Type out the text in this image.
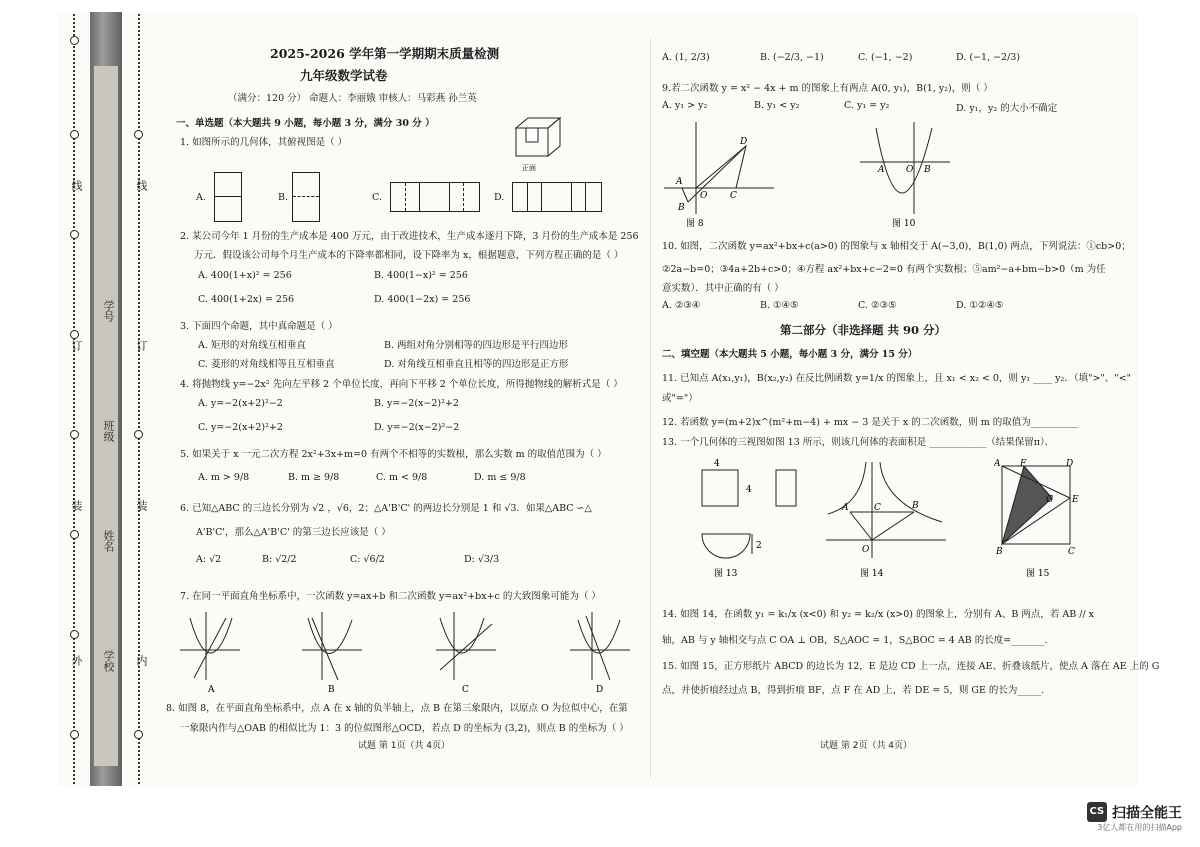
线
订
装
外
线
订
装
内
学号
班级
姓名
学校

2025-2026 学年第一学期期末质量检测

九年级数学试卷

（满分：120 分） 命题人：李丽娥 审核人：马彩燕 孙兰英

一、单选题（本大题共 9 小题，每小题 3 分，满分 30 分 ）

1. 如图所示的几何体，其俯视图是（ ）

正面

A.	B.	C.	D.

2. 某公司今年 1 月份的生产成本是 400 万元，由于改进技术，生产成本逐月下降，3 月份的生产成本是 256

万元．假设该公司每个月生产成本的下降率都相同，设下降率为 x，根据题意，下列方程正确的是（ ）

A. 400(1+x)² = 256	B. 400(1−x)² = 256

C. 400(1+2x) = 256	D. 400(1−2x) = 256

3. 下面四个命题，其中真命题是（ ）

A. 矩形的对角线互相垂直	B. 两组对角分别相等的四边形是平行四边形

C. 菱形的对角线相等且互相垂直	D. 对角线互相垂直且相等的四边形是正方形

4. 将抛物线 y=−2x² 先向左平移 2 个单位长度，再向下平移 2 个单位长度，所得抛物线的解析式是（ ）

A. y=−2(x+2)²−2	B. y=−2(x−2)²+2

C. y=−2(x+2)²+2	D. y=−2(x−2)²−2

5. 如果关于 x 一元二次方程 2x²+3x+m=0 有两个不相等的实数根，那么实数 m 的取值范围为（ ）

A. m > 9/8	B. m ≥ 9/8	C. m < 9/8	D. m ≤ 9/8

6. 已知△ABC 的三边长分别为 √2 ，√6，2；△A'B'C' 的两边长分别是 1 和 √3．如果△ABC ∽△

A'B'C'，那么△A'B'C' 的第三边长应该是（ ）

A: √2	B: √2/2	C: √6/2	D: √3/3

7. 在同一平面直角坐标系中，一次函数 y=ax+b 和二次函数 y=ax²+bx+c 的大致图象可能为（ ）

A	B	C	D

8. 如图 8，在平面直角坐标系中，点 A 在 x 轴的负半轴上，点 B 在第三象限内，以原点 O 为位似中心，在第

一象限内作与△OAB 的相似比为 1：3 的位似图形△OCD，若点 D 的坐标为 (3,2)，则点 B 的坐标为（ ）

试题 第 1页（共 4页）

A. (1, 2/3)	B. (−2/3, −1)	C. (−1, −2)	D. (−1, −2/3)

9.若二次函数 y = x² − 4x + m 的图象上有两点 A(0, y₁)，B(1, y₂)，则（ ）

A. y₁ > y₂	B. y₁ < y₂	C. y₁ = y₂	D. y₁，y₂ 的大小不确定

D
C
O
B
A
图 8
A O B
图 10

10. 如图，二次函数 y=ax²+bx+c(a>0) 的图象与 x 轴相交于 A(−3,0)，B(1,0) 两点，下列说法：①cb>0；

②2a−b=0；③4a+2b+c>0；④方程 ax²+bx+c−2=0 有两个实数根；⑤am²−a+bm−b>0（m 为任

意实数）．其中正确的有（ ）

A. ②③④	B. ①④⑤	C. ②③⑤	D. ①②④⑤

第二部分（非选择题 共 90 分）

二、填空题（本大题共 5 小题，每小题 3 分，满分 15 分）

11. 已知点 A(x₁,y₁)，B(x₂,y₂) 在反比例函数 y=1/x 的图象上，且 x₁ < x₂ < 0，则 y₁ ____ y₂．（填">"、"<"

或"="）

12. 若函数 y=(m+2)x^(m²+m−4) + mx − 3 是关于 x 的二次函数，则 m 的取值为__________

13. 一个几何体的三视图如图 13 所示，则该几何体的表面积是 ____________（结果保留π）．

4
4
2
图 13
A	C	B
O
图 14
A F	D
G E
B	C
图 15

14. 如图 14，在函数 y₁ = k₁/x (x<0) 和 y₂ = k₂/x (x>0) 的图象上，分别有 A、B 两点，若 AB // x

轴，AB 与 y 轴相交与点 C OA ⊥ OB，S△AOC = 1，S△BOC = 4 AB 的长度=_______.

15. 如图 15，正方形纸片 ABCD 的边长为 12，E 是边 CD 上一点，连接 AE、折叠该纸片，使点 A 落在 AE 上的 G

点，并使折痕经过点 B，得到折痕 BF，点 F 在 AD 上，若 DE = 5，则 GE 的长为_____.

试题 第 2页（共 4页）

CS 扫描全能王
3亿人都在用的扫描App
